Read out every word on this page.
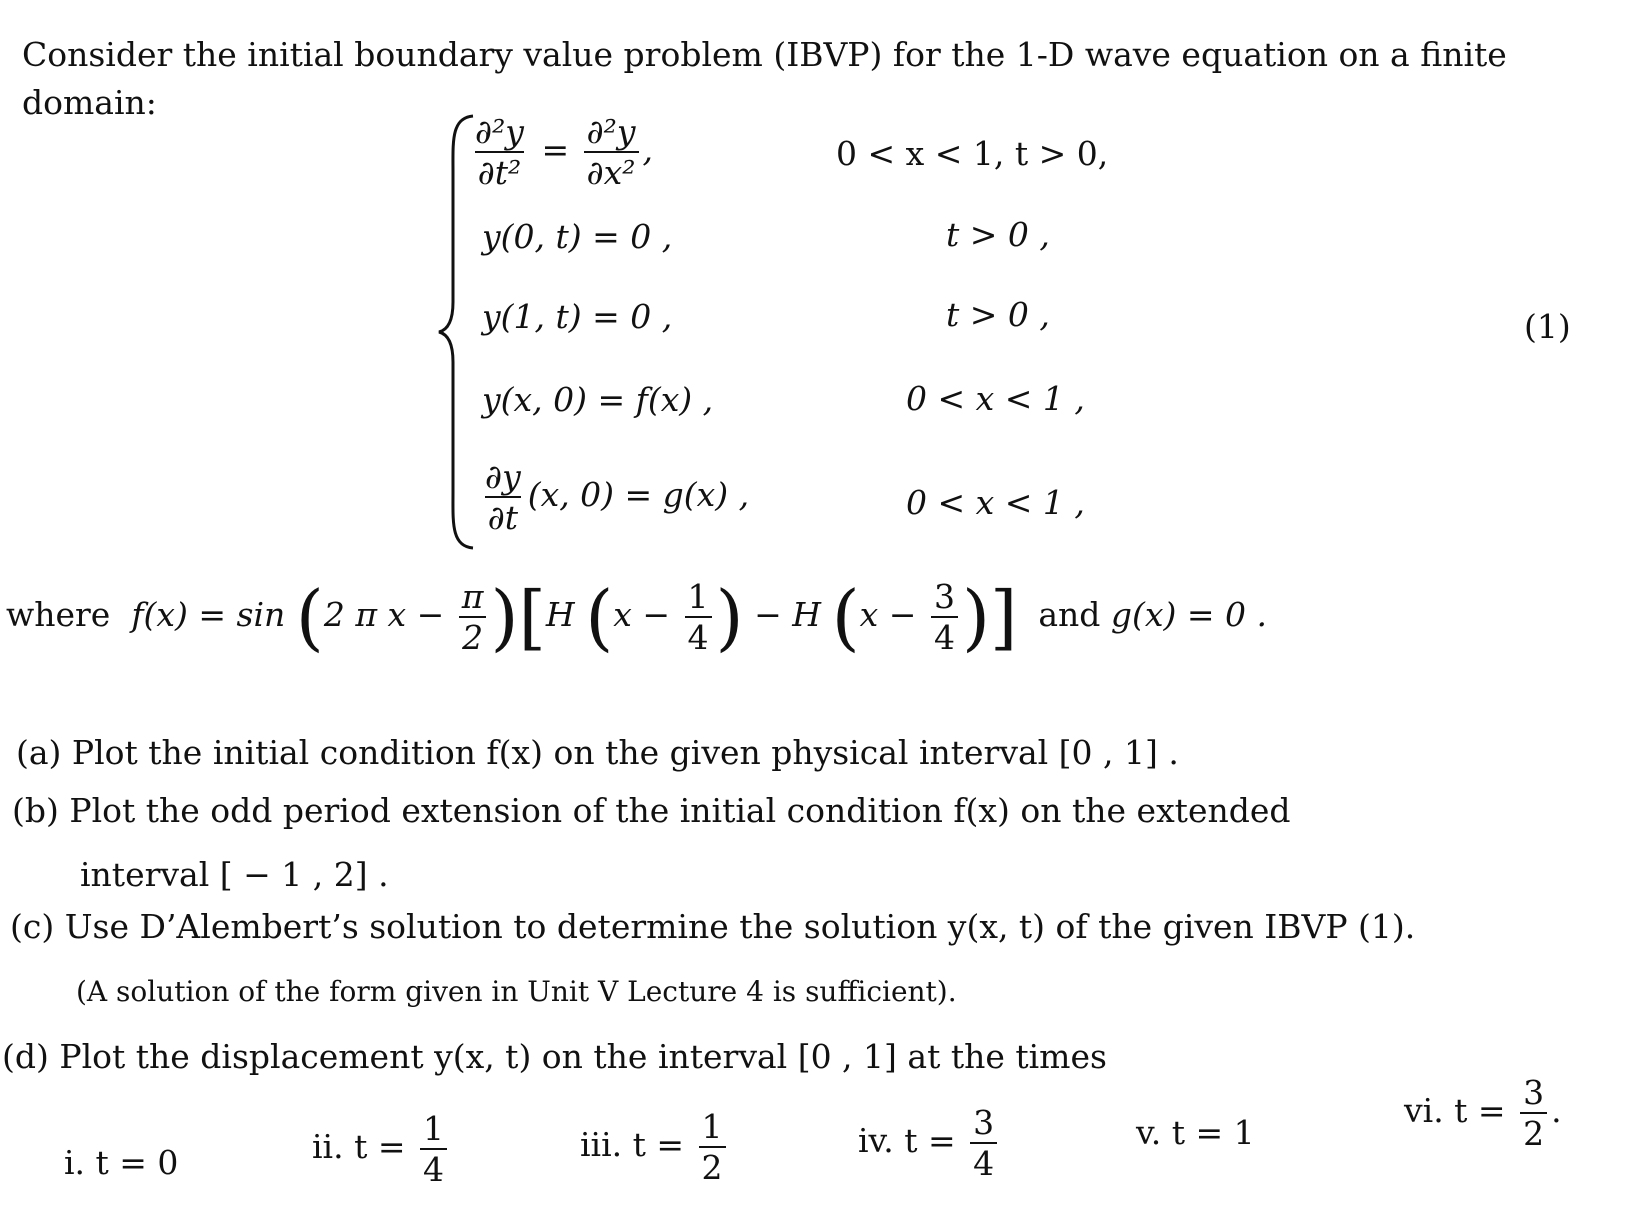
Consider the initial boundary value problem (IBVP) for the 1-D wave equation on a finite
domain:
$\frac{\text{∂²y}}{\text{∂t²}} = \frac{\text{∂²y}}{\text{∂x²}}$ ,	0 < x < 1, t > 0,
y(0, t) = 0 ,	t > 0 ,
y(1, t) = 0 ,	t > 0 ,	(1)
y(x, 0) = f(x) ,	0 < x < 1 ,
$\frac{\partial y}{\partial t} (x$, 0) = g(x) ,	0 < x < 1 ,
where f(x) = sin (2 π $x - \frac{\pi}{2} )[H$ ($x - \frac{1}{4}$ ) − H ($x - \frac{3}{4}$ )] and g(x) = 0 .
(a) Plot the initial condition f(x) on the given physical interval [0 , 1] .
(b) Plot the odd period extension of the initial condition f(x) on the extended
interval [ − 1 , 2] .
(c) Use D’Alembert’s solution to determine the solution y(x, t) of the given IBVP (1).
(A solution of the form given in Unit V Lecture 4 is sufficient).
(d) Plot the displacement y(x, t) on the interval [0 , 1] at the times
i. t = 0	ii. $t = \frac{1}{4}$	iii. $t = \frac{1}{2}$	iv. $t = \frac{3}{4}$	v. t = 1
vi. $t = \frac{3}{2}$ .
